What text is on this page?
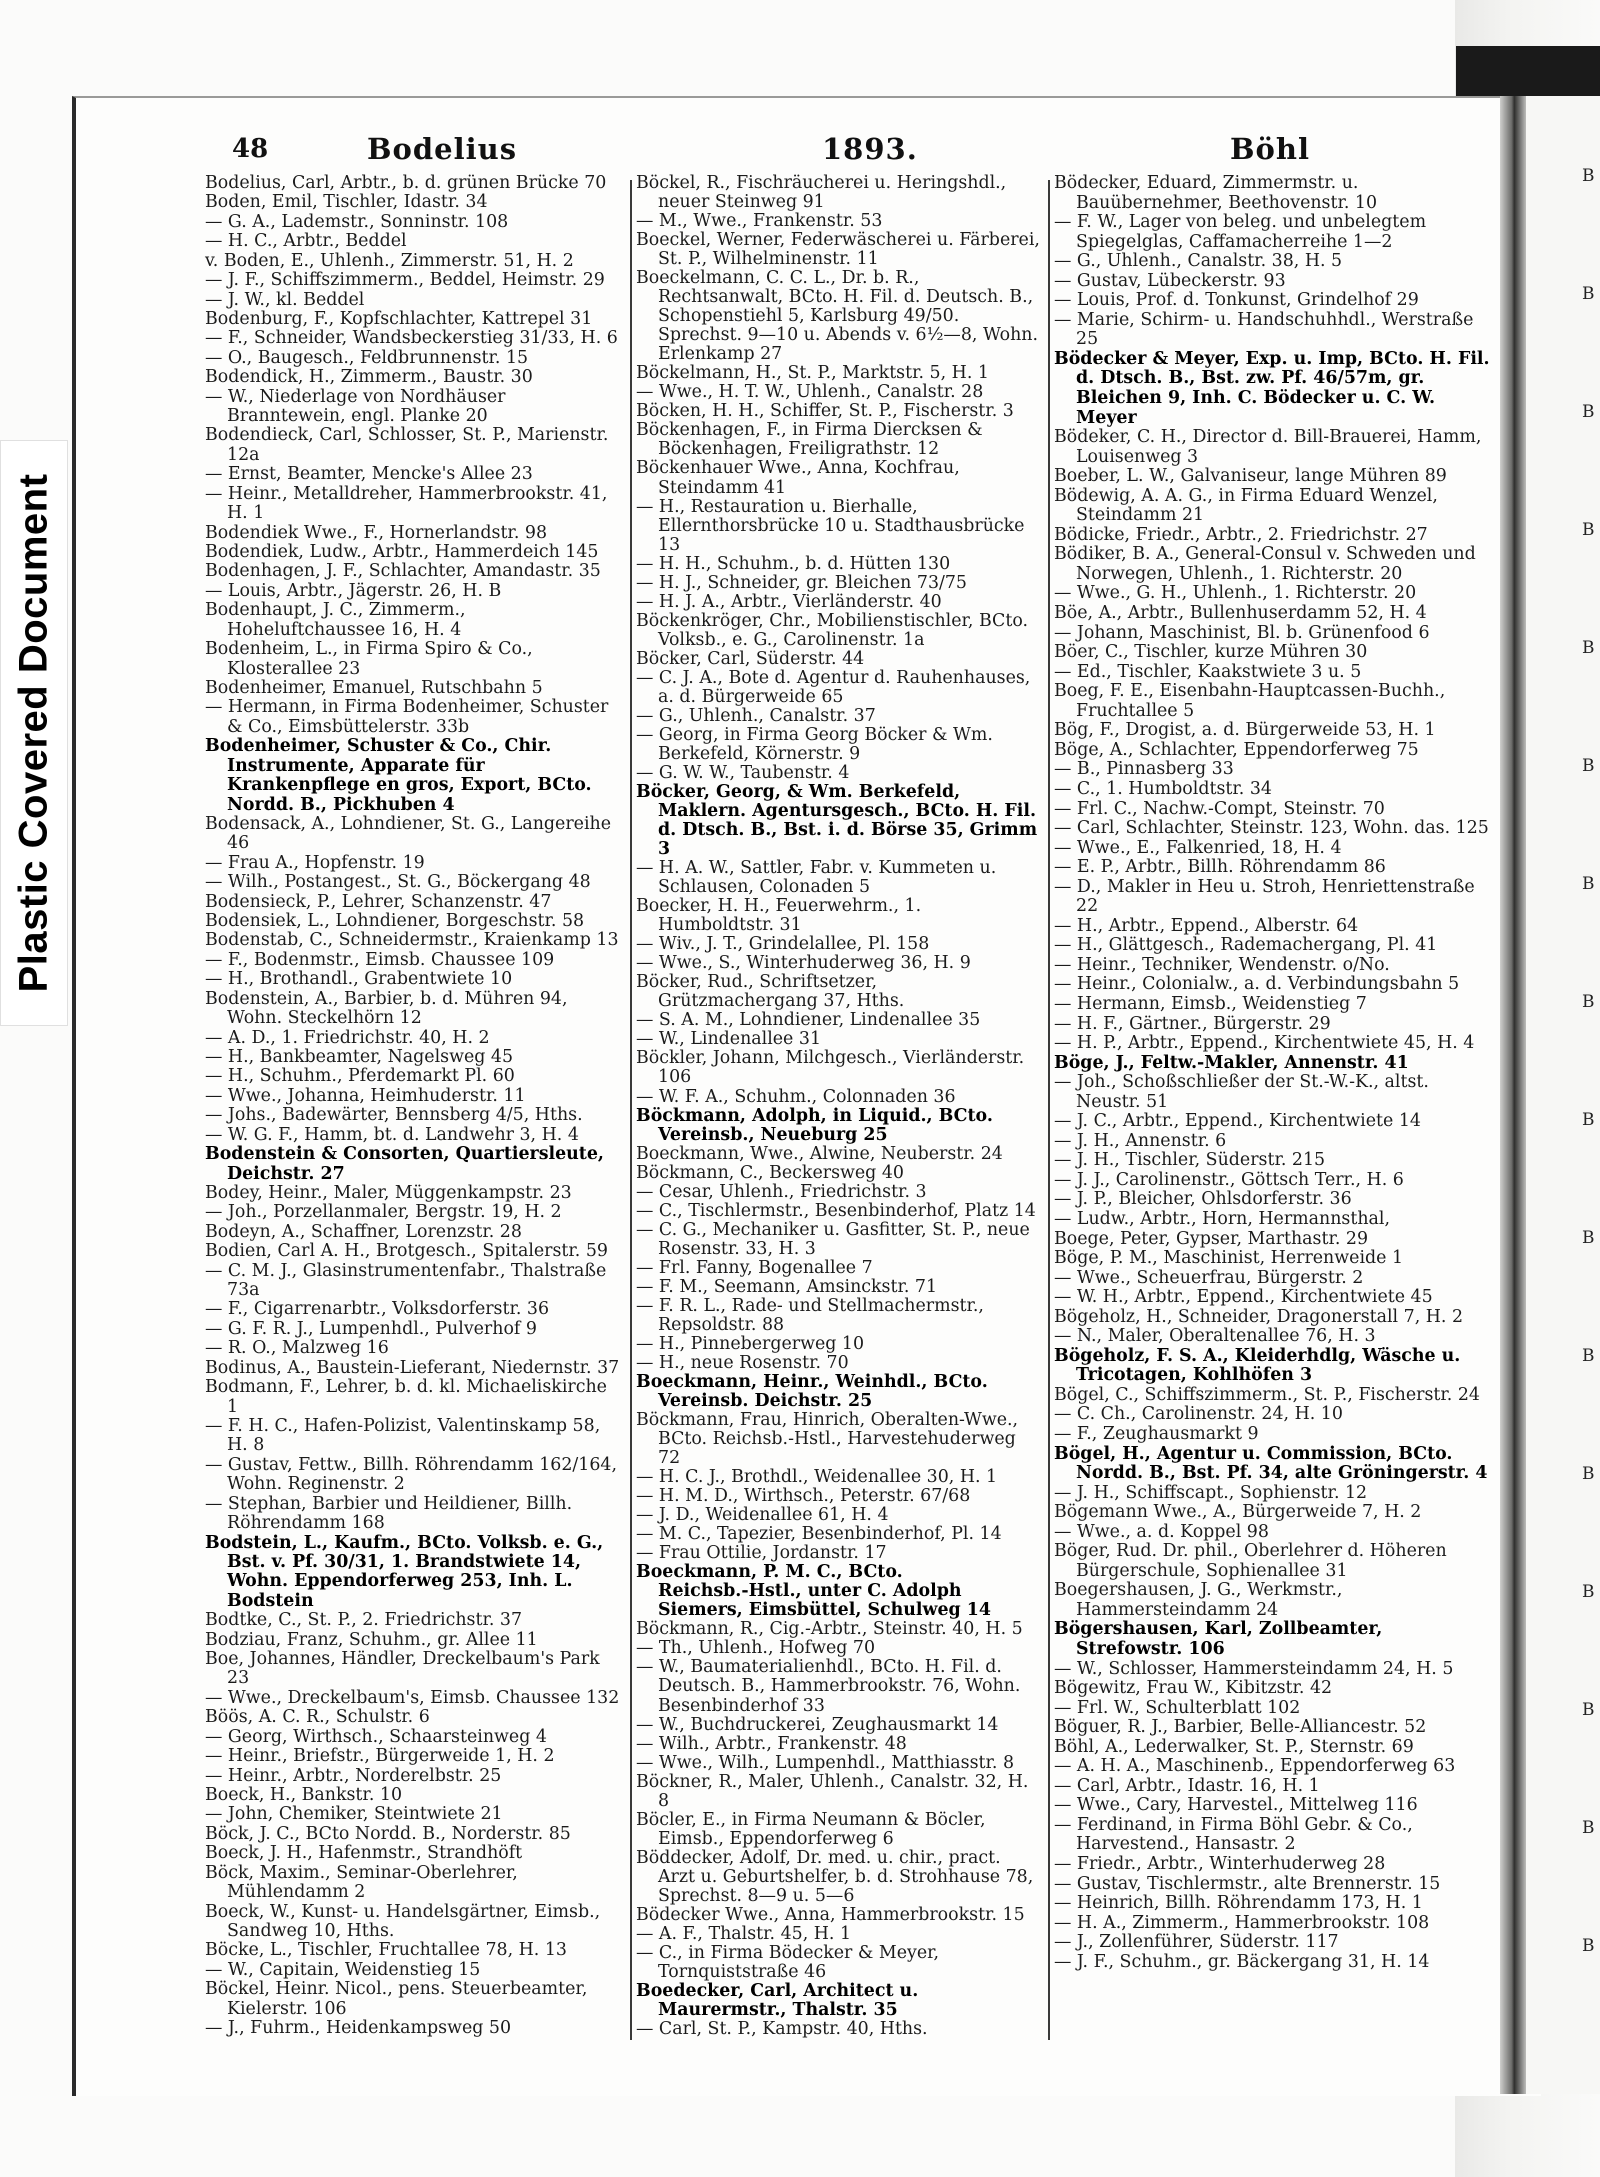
B
B
B
B
B
B
B
B
B
B
B
B
B
B
B
B
Plastic Covered Document
48	Bodelius	1893.	Böhl
Bodelius, Carl, Arbtr., b. d. grünen Brücke 70
Boden, Emil, Tischler, Idastr. 34
— G. A., Lademstr., Sonninstr. 108
— H. C., Arbtr., Beddel
v. Boden, E., Uhlenh., Zimmerstr. 51, H. 2
— J. F., Schiffszimmerm., Beddel, Heimstr. 29
— J. W., kl. Beddel
Bodenburg, F., Kopfschlachter, Kattrepel 31
— F., Schneider, Wandsbeckerstieg 31/33, H. 6
— O., Baugesch., Feldbrunnenstr. 15
Bodendick, H., Zimmerm., Baustr. 30
— W., Niederlage von Nordhäuser
Branntewein, engl. Planke 20
Bodendieck, Carl, Schlosser, St. P., Marienstr.
12a
— Ernst, Beamter, Mencke's Allee 23
— Heinr., Metalldreher, Hammerbrookstr. 41,
H. 1
Bodendiek Wwe., F., Hornerlandstr. 98
Bodendiek, Ludw., Arbtr., Hammerdeich 145
Bodenhagen, J. F., Schlachter, Amandastr. 35
— Louis, Arbtr., Jägerstr. 26, H. B
Bodenhaupt, J. C., Zimmerm.,
Hoheluftchaussee 16, H. 4
Bodenheim, L., in Firma Spiro & Co.,
Klosterallee 23
Bodenheimer, Emanuel, Rutschbahn 5
— Hermann, in Firma Bodenheimer, Schuster
& Co., Eimsbüttelerstr. 33b
Bodenheimer, Schuster & Co., Chir.
Instrumente, Apparate für
Krankenpflege en gros, Export, BCto.
Nordd. B., Pickhuben 4
Bodensack, A., Lohndiener, St. G., Langereihe
46
— Frau A., Hopfenstr. 19
— Wilh., Postangest., St. G., Böckergang 48
Bodensieck, P., Lehrer, Schanzenstr. 47
Bodensiek, L., Lohndiener, Borgeschstr. 58
Bodenstab, C., Schneidermstr., Kraienkamp 13
— F., Bodenmstr., Eimsb. Chaussee 109
— H., Brothandl., Grabentwiete 10
Bodenstein, A., Barbier, b. d. Mühren 94,
Wohn. Steckelhörn 12
— A. D., 1. Friedrichstr. 40, H. 2
— H., Bankbeamter, Nagelsweg 45
— H., Schuhm., Pferdemarkt Pl. 60
— Wwe., Johanna, Heimhuderstr. 11
— Johs., Badewärter, Bennsberg 4/5, Hths.
— W. G. F., Hamm, bt. d. Landwehr 3, H. 4
Bodenstein & Consorten, Quartiersleute,
Deichstr. 27
Bodey, Heinr., Maler, Müggenkampstr. 23
— Joh., Porzellanmaler, Bergstr. 19, H. 2
Bodeyn, A., Schaffner, Lorenzstr. 28
Bodien, Carl A. H., Brotgesch., Spitalerstr. 59
— C. M. J., Glasinstrumentenfabr., Thalstraße
73a
— F., Cigarrenarbtr., Volksdorferstr. 36
— G. F. R. J., Lumpenhdl., Pulverhof 9
— R. O., Malzweg 16
Bodinus, A., Baustein-Lieferant, Niedernstr. 37
Bodmann, F., Lehrer, b. d. kl. Michaeliskirche
1
— F. H. C., Hafen-Polizist, Valentinskamp 58,
H. 8
— Gustav, Fettw., Billh. Röhrendamm 162/164,
Wohn. Reginenstr. 2
— Stephan, Barbier und Heildiener, Billh.
Röhrendamm 168
Bodstein, L., Kaufm., BCto. Volksb. e. G.,
Bst. v. Pf. 30/31, 1. Brandstwiete 14,
Wohn. Eppendorferweg 253, Inh. L.
Bodstein
Bodtke, C., St. P., 2. Friedrichstr. 37
Bodziau, Franz, Schuhm., gr. Allee 11
Boe, Johannes, Händler, Dreckelbaum's Park
23
— Wwe., Dreckelbaum's, Eimsb. Chaussee 132
Böös, A. C. R., Schulstr. 6
— Georg, Wirthsch., Schaarsteinweg 4
— Heinr., Briefstr., Bürgerweide 1, H. 2
— Heinr., Arbtr., Norderelbstr. 25
Boeck, H., Bankstr. 10
— John, Chemiker, Steintwiete 21
Böck, J. C., BCto Nordd. B., Norderstr. 85
Boeck, J. H., Hafenmstr., Strandhöft
Böck, Maxim., Seminar-Oberlehrer,
Mühlendamm 2
Boeck, W., Kunst- u. Handelsgärtner, Eimsb.,
Sandweg 10, Hths.
Böcke, L., Tischler, Fruchtallee 78, H. 13
— W., Capitain, Weidenstieg 15
Böckel, Heinr. Nicol., pens. Steuerbeamter,
Kielerstr. 106
— J., Fuhrm., Heidenkampsweg 50
Böckel, R., Fischräucherei u. Heringshdl.,
neuer Steinweg 91
— M., Wwe., Frankenstr. 53
Boeckel, Werner, Federwäscherei u. Färberei,
St. P., Wilhelminenstr. 11
Boeckelmann, C. C. L., Dr. b. R.,
Rechtsanwalt, BCto. H. Fil. d. Deutsch. B.,
Schopenstiehl 5, Karlsburg 49/50.
Sprechst. 9—10 u. Abends v. 6½—8, Wohn.
Erlenkamp 27
Böckelmann, H., St. P., Marktstr. 5, H. 1
— Wwe., H. T. W., Uhlenh., Canalstr. 28
Böcken, H. H., Schiffer, St. P., Fischerstr. 3
Böckenhagen, F., in Firma Diercksen &
Böckenhagen, Freiligrathstr. 12
Böckenhauer Wwe., Anna, Kochfrau,
Steindamm 41
— H., Restauration u. Bierhalle,
Ellernthorsbrücke 10 u. Stadthausbrücke
13
— H. H., Schuhm., b. d. Hütten 130
— H. J., Schneider, gr. Bleichen 73/75
— H. J. A., Arbtr., Vierländerstr. 40
Böckenkröger, Chr., Mobilienstischler, BCto.
Volksb., e. G., Carolinenstr. 1a
Böcker, Carl, Süderstr. 44
— C. J. A., Bote d. Agentur d. Rauhenhauses,
a. d. Bürgerweide 65
— G., Uhlenh., Canalstr. 37
— Georg, in Firma Georg Böcker & Wm.
Berkefeld, Körnerstr. 9
— G. W. W., Taubenstr. 4
Böcker, Georg, & Wm. Berkefeld,
Maklern. Agentursgesch., BCto. H. Fil.
d. Dtsch. B., Bst. i. d. Börse 35, Grimm
3
— H. A. W., Sattler, Fabr. v. Kummeten u.
Schlausen, Colonaden 5
Boecker, H. H., Feuerwehrm., 1.
Humboldtstr. 31
— Wiv., J. T., Grindelallee, Pl. 158
— Wwe., S., Winterhuderweg 36, H. 9
Böcker, Rud., Schriftsetzer,
Grützmachergang 37, Hths.
— S. A. M., Lohndiener, Lindenallee 35
— W., Lindenallee 31
Böckler, Johann, Milchgesch., Vierländerstr.
106
— W. F. A., Schuhm., Colonnaden 36
Böckmann, Adolph, in Liquid., BCto.
Vereinsb., Neueburg 25
Boeckmann, Wwe., Alwine, Neuberstr. 24
Böckmann, C., Beckersweg 40
— Cesar, Uhlenh., Friedrichstr. 3
— C., Tischlermstr., Besenbinderhof, Platz 14
— C. G., Mechaniker u. Gasfitter, St. P., neue
Rosenstr. 33, H. 3
— Frl. Fanny, Bogenallee 7
— F. M., Seemann, Amsinckstr. 71
— F. R. L., Rade- und Stellmachermstr.,
Repsoldstr. 88
— H., Pinnebergerweg 10
— H., neue Rosenstr. 70
Boeckmann, Heinr., Weinhdl., BCto.
Vereinsb. Deichstr. 25
Böckmann, Frau, Hinrich, Oberalten-Wwe.,
BCto. Reichsb.-Hstl., Harvestehuderweg
72
— H. C. J., Brothdl., Weidenallee 30, H. 1
— H. M. D., Wirthsch., Peterstr. 67/68
— J. D., Weidenallee 61, H. 4
— M. C., Tapezier, Besenbinderhof, Pl. 14
— Frau Ottilie, Jordanstr. 17
Boeckmann, P. M. C., BCto.
Reichsb.-Hstl., unter C. Adolph
Siemers, Eimsbüttel, Schulweg 14
Böckmann, R., Cig.-Arbtr., Steinstr. 40, H. 5
— Th., Uhlenh., Hofweg 70
— W., Baumaterialienhdl., BCto. H. Fil. d.
Deutsch. B., Hammerbrookstr. 76, Wohn.
Besenbinderhof 33
— W., Buchdruckerei, Zeughausmarkt 14
— Wilh., Arbtr., Frankenstr. 48
— Wwe., Wilh., Lumpenhdl., Matthiasstr. 8
Böckner, R., Maler, Uhlenh., Canalstr. 32, H.
8
Böcler, E., in Firma Neumann & Böcler,
Eimsb., Eppendorferweg 6
Böddecker, Adolf, Dr. med. u. chir., pract.
Arzt u. Geburtshelfer, b. d. Strohhause 78,
Sprechst. 8—9 u. 5—6
Bödecker Wwe., Anna, Hammerbrookstr. 15
— A. F., Thalstr. 45, H. 1
— C., in Firma Bödecker & Meyer,
Tornquiststraße 46
Boedecker, Carl, Architect u.
Maurermstr., Thalstr. 35
— Carl, St. P., Kampstr. 40, Hths.
Bödecker, Eduard, Zimmermstr. u.
Bauübernehmer, Beethovenstr. 10
— F. W., Lager von beleg. und unbelegtem
Spiegelglas, Caffamacherreihe 1—2
— G., Uhlenh., Canalstr. 38, H. 5
— Gustav, Lübeckerstr. 93
— Louis, Prof. d. Tonkunst, Grindelhof 29
— Marie, Schirm- u. Handschuhhdl., Werstraße
25
Bödecker & Meyer, Exp. u. Imp, BCto. H. Fil.
d. Dtsch. B., Bst. zw. Pf. 46/57m, gr.
Bleichen 9, Inh. C. Bödecker u. C. W.
Meyer
Bödeker, C. H., Director d. Bill-Brauerei, Hamm,
Louisenweg 3
Boeber, L. W., Galvaniseur, lange Mühren 89
Bödewig, A. A. G., in Firma Eduard Wenzel,
Steindamm 21
Bödicke, Friedr., Arbtr., 2. Friedrichstr. 27
Bödiker, B. A., General-Consul v. Schweden und
Norwegen, Uhlenh., 1. Richterstr. 20
— Wwe., G. H., Uhlenh., 1. Richterstr. 20
Böe, A., Arbtr., Bullenhuserdamm 52, H. 4
— Johann, Maschinist, Bl. b. Grünenfood 6
Böer, C., Tischler, kurze Mühren 30
— Ed., Tischler, Kaakstwiete 3 u. 5
Boeg, F. E., Eisenbahn-Hauptcassen-Buchh.,
Fruchtallee 5
Bög, F., Drogist, a. d. Bürgerweide 53, H. 1
Böge, A., Schlachter, Eppendorferweg 75
— B., Pinnasberg 33
— C., 1. Humboldtstr. 34
— Frl. C., Nachw.-Compt, Steinstr. 70
— Carl, Schlachter, Steinstr. 123, Wohn. das. 125
— Wwe., E., Falkenried, 18, H. 4
— E. P., Arbtr., Billh. Röhrendamm 86
— D., Makler in Heu u. Stroh, Henriettenstraße
22
— H., Arbtr., Eppend., Alberstr. 64
— H., Glättgesch., Rademachergang, Pl. 41
— Heinr., Techniker, Wendenstr. o/No.
— Heinr., Colonialw., a. d. Verbindungsbahn 5
— Hermann, Eimsb., Weidenstieg 7
— H. F., Gärtner., Bürgerstr. 29
— H. P., Arbtr., Eppend., Kirchentwiete 45, H. 4
Böge, J., Feltw.-Makler, Annenstr. 41
— Joh., Schoßschließer der St.-W.-K., altst.
Neustr. 51
— J. C., Arbtr., Eppend., Kirchentwiete 14
— J. H., Annenstr. 6
— J. H., Tischler, Süderstr. 215
— J. J., Carolinenstr., Göttsch Terr., H. 6
— J. P., Bleicher, Ohlsdorferstr. 36
— Ludw., Arbtr., Horn, Hermannsthal,
Boege, Peter, Gypser, Marthastr. 29
Böge, P. M., Maschinist, Herrenweide 1
— Wwe., Scheuerfrau, Bürgerstr. 2
— W. H., Arbtr., Eppend., Kirchentwiete 45
Bögeholz, H., Schneider, Dragonerstall 7, H. 2
— N., Maler, Oberaltenallee 76, H. 3
Bögeholz, F. S. A., Kleiderhdlg, Wäsche u.
Tricotagen, Kohlhöfen 3
Bögel, C., Schiffszimmerm., St. P., Fischerstr. 24
— C. Ch., Carolinenstr. 24, H. 10
— F., Zeughausmarkt 9
Bögel, H., Agentur u. Commission, BCto.
Nordd. B., Bst. Pf. 34, alte Gröningerstr. 4
— J. H., Schiffscapt., Sophienstr. 12
Bögemann Wwe., A., Bürgerweide 7, H. 2
— Wwe., a. d. Koppel 98
Böger, Rud. Dr. phil., Oberlehrer d. Höheren
Bürgerschule, Sophienallee 31
Boegershausen, J. G., Werkmstr.,
Hammersteindamm 24
Bögershausen, Karl, Zollbeamter,
Strefowstr. 106
— W., Schlosser, Hammersteindamm 24, H. 5
Bögewitz, Frau W., Kibitzstr. 42
— Frl. W., Schulterblatt 102
Böguer, R. J., Barbier, Belle-Alliancestr. 52
Böhl, A., Lederwalker, St. P., Sternstr. 69
— A. H. A., Maschinenb., Eppendorferweg 63
— Carl, Arbtr., Idastr. 16, H. 1
— Wwe., Cary, Harvestel., Mittelweg 116
— Ferdinand, in Firma Böhl Gebr. & Co.,
Harvestend., Hansastr. 2
— Friedr., Arbtr., Winterhuderweg 28
— Gustav, Tischlermstr., alte Brennerstr. 15
— Heinrich, Billh. Röhrendamm 173, H. 1
— H. A., Zimmerm., Hammerbrookstr. 108
— J., Zollenführer, Süderstr. 117
— J. F., Schuhm., gr. Bäckergang 31, H. 14
